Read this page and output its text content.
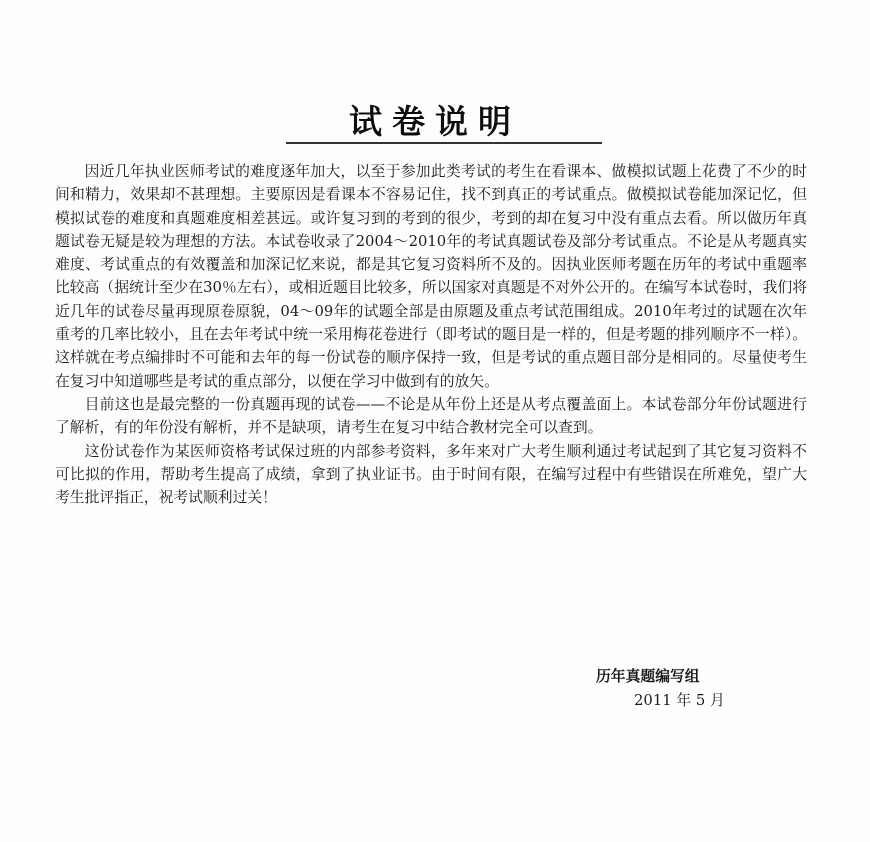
试卷说明

因近几年执业医师考试的难度逐年加大，以至于参加此类考试的考生在看课本、做模拟试题上花费了不少的时间和精力，效果却不甚理想。主要原因是看课本不容易记住，找不到真正的考试重点。做模拟试卷能加深记忆，但模拟试卷的难度和真题难度相差甚远。或许复习到的考到的很少，考到的却在复习中没有重点去看。所以做历年真题试卷无疑是较为理想的方法。本试卷收录了2004～2010年的考试真题试卷及部分考试重点。不论是从考题真实难度、考试重点的有效覆盖和加深记忆来说，都是其它复习资料所不及的。因执业医师考题在历年的考试中重题率比较高（据统计至少在30％左右），或相近题目比较多，所以国家对真题是不对外公开的。在编写本试卷时，我们将近几年的试卷尽量再现原卷原貌，04～09年的试题全部是由原题及重点考试范围组成。2010年考过的试题在次年重考的几率比较小，且在去年考试中统一采用梅花卷进行（即考试的题目是一样的，但是考题的排列顺序不一样）。这样就在考点编排时不可能和去年的每一份试卷的顺序保持一致，但是考试的重点题目部分是相同的。尽量使考生在复习中知道哪些是考试的重点部分，以便在学习中做到有的放矢。

目前这也是最完整的一份真题再现的试卷——不论是从年份上还是从考点覆盖面上。本试卷部分年份试题进行了解析，有的年份没有解析，并不是缺项，请考生在复习中结合教材完全可以查到。

这份试卷作为某医师资格考试保过班的内部参考资料，多年来对广大考生顺利通过考试起到了其它复习资料不可比拟的作用，帮助考生提高了成绩，拿到了执业证书。由于时间有限，在编写过程中有些错误在所难免，望广大考生批评指正，祝考试顺利过关！

历年真题编写组
2011 年 5 月
